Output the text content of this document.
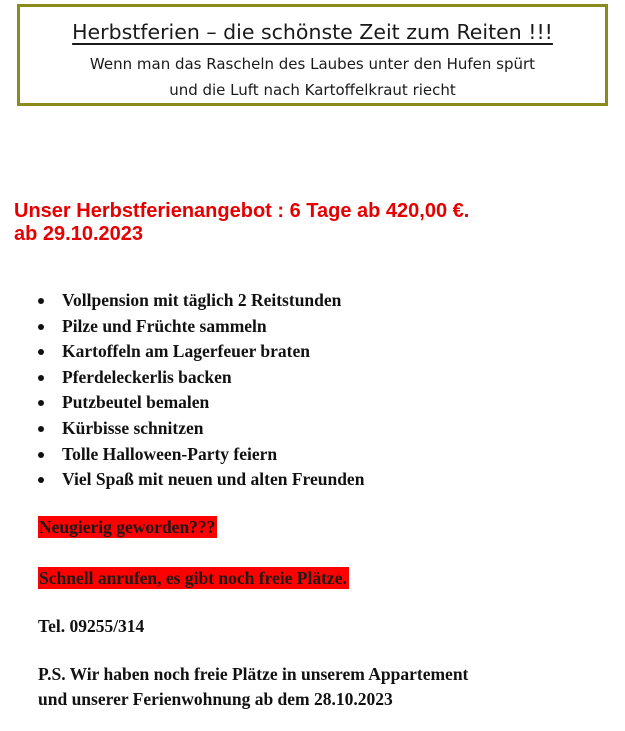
Herbstferien – die schönste Zeit zum Reiten !!!
Wenn man das Rascheln des Laubes unter den Hufen spürt
und die Luft nach Kartoffelkraut riecht
Unser Herbstferienangebot : 6 Tage ab 420,00 €.
ab 29.10.2023
Vollpension mit täglich 2 Reitstunden
Pilze und Früchte sammeln
Kartoffeln am Lagerfeuer braten
Pferdeleckerlis backen
Putzbeutel bemalen
Kürbisse schnitzen
Tolle Halloween-Party feiern
Viel Spaß mit neuen und alten Freunden
Neugierig geworden???
Schnell anrufen, es gibt noch freie Plätze.
Tel. 09255/314
P.S. Wir haben noch freie Plätze in unserem Appartement
und unserer Ferienwohnung ab dem 28.10.2023
